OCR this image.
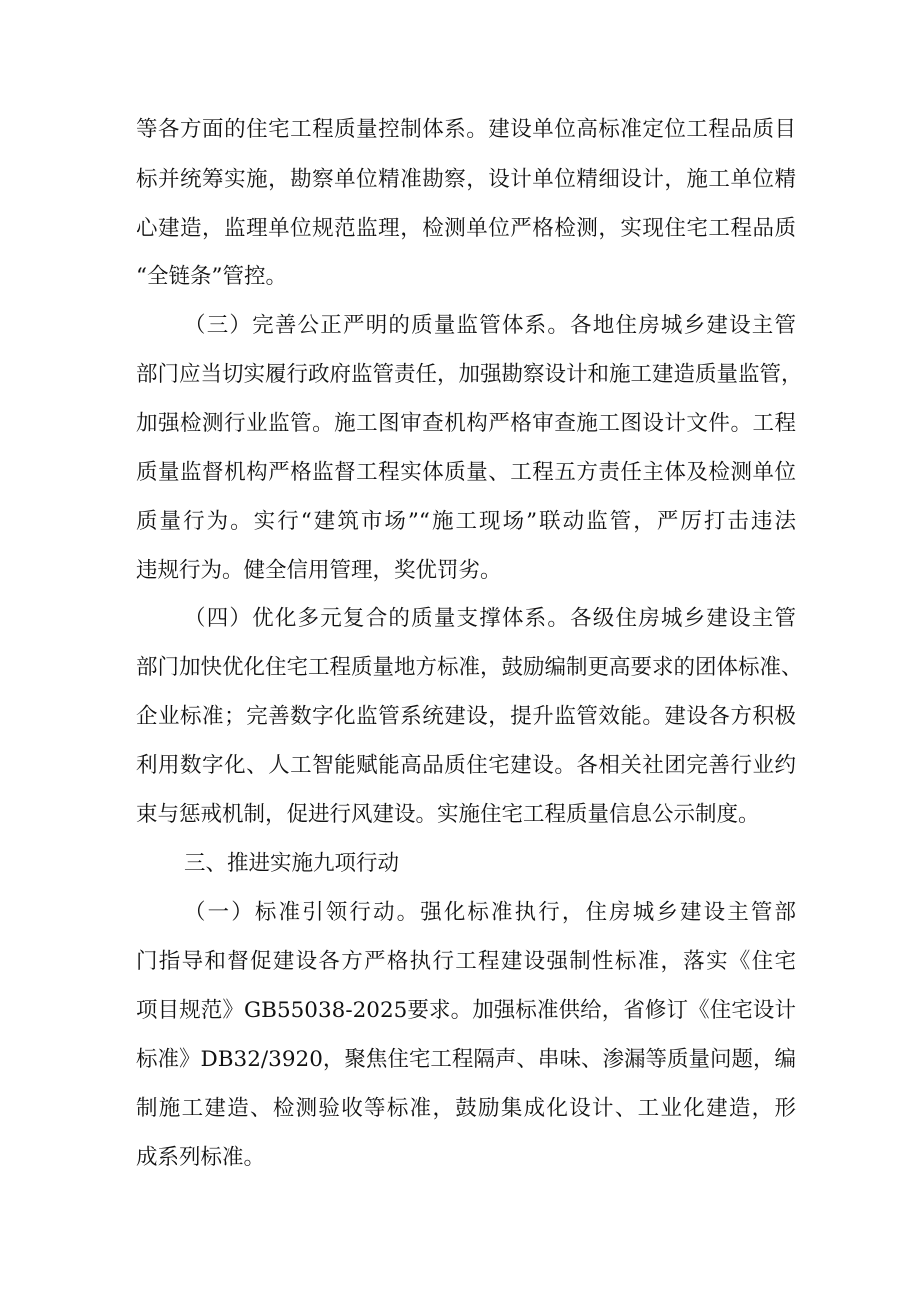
等各方面的住宅工程质量控制体系。建设单位高标准定位工程品质目
标并统筹实施，勘察单位精准勘察，设计单位精细设计，施工单位精
心建造，监理单位规范监理，检测单位严格检测，实现住宅工程品质
“全链条”管控。
（三）完善公正严明的质量监管体系。各地住房城乡建设主管
部门应当切实履行政府监管责任，加强勘察设计和施工建造质量监管，
加强检测行业监管。施工图审查机构严格审查施工图设计文件。工程
质量监督机构严格监督工程实体质量、工程五方责任主体及检测单位
质量行为。实行“建筑市场”“施工现场”联动监管，严厉打击违法
违规行为。健全信用管理，奖优罚劣。
（四）优化多元复合的质量支撑体系。各级住房城乡建设主管
部门加快优化住宅工程质量地方标准，鼓励编制更高要求的团体标准、
企业标准；完善数字化监管系统建设，提升监管效能。建设各方积极
利用数字化、人工智能赋能高品质住宅建设。各相关社团完善行业约
束与惩戒机制，促进行风建设。实施住宅工程质量信息公示制度。
三、推进实施九项行动
（一）标准引领行动。强化标准执行，住房城乡建设主管部
门指导和督促建设各方严格执行工程建设强制性标准，落实《住宅
项目规范》GB55038-2025要求。加强标准供给，省修订《住宅设计
标准》DB32/3920，聚焦住宅工程隔声、串味、渗漏等质量问题，编
制施工建造、检测验收等标准，鼓励集成化设计、工业化建造，形
成系列标准。
